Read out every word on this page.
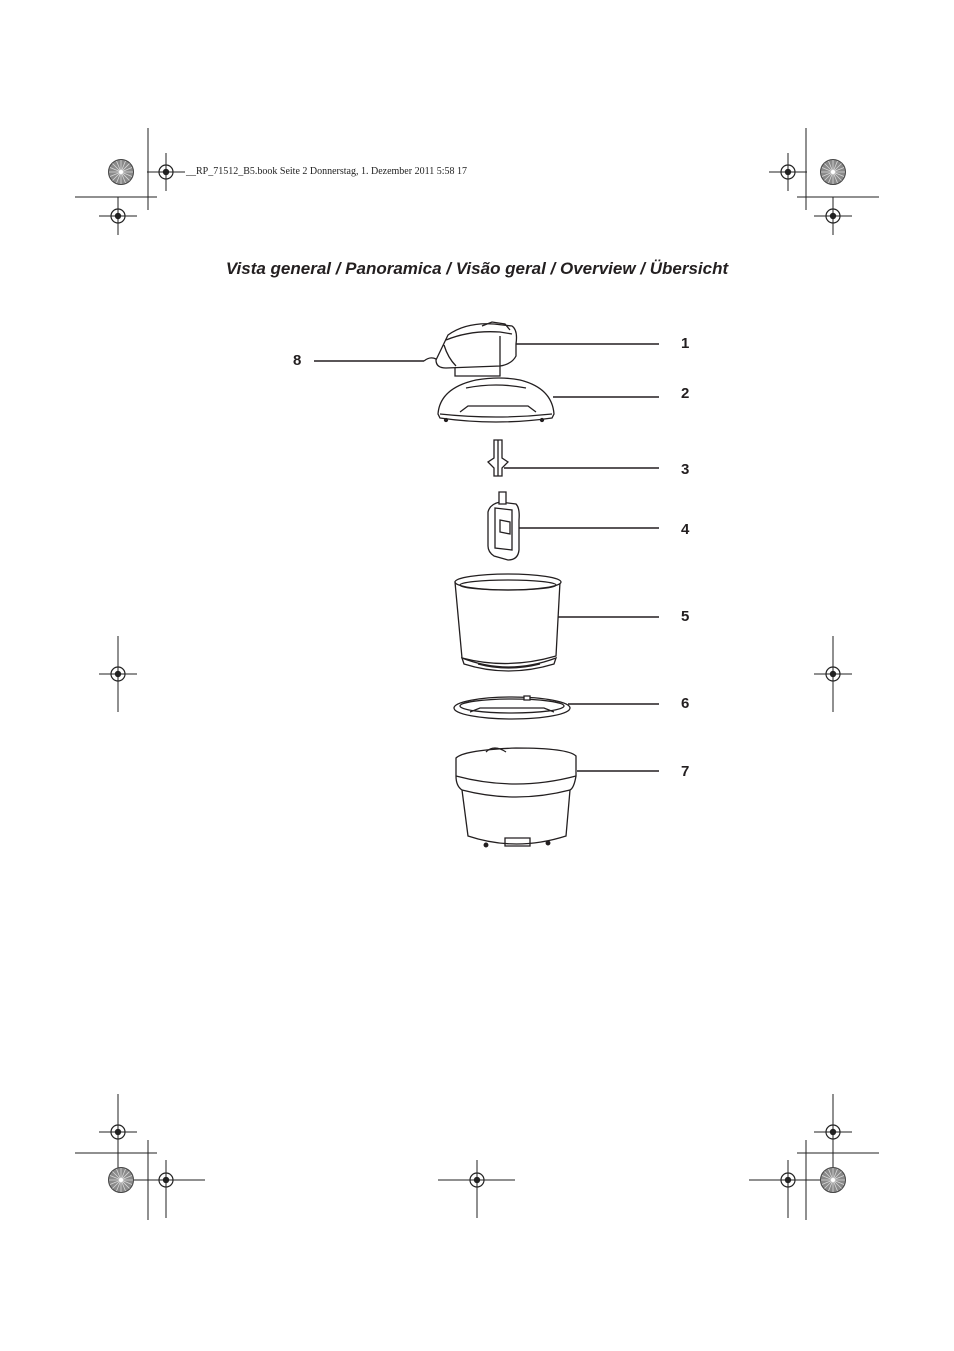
__RP_71512_B5.book Seite 2 Donnerstag, 1. Dezember 2011 5:58 17
Vista general / Panoramica / Visão geral / Overview / Übersicht
1
2
3
4
5
6
7
8
